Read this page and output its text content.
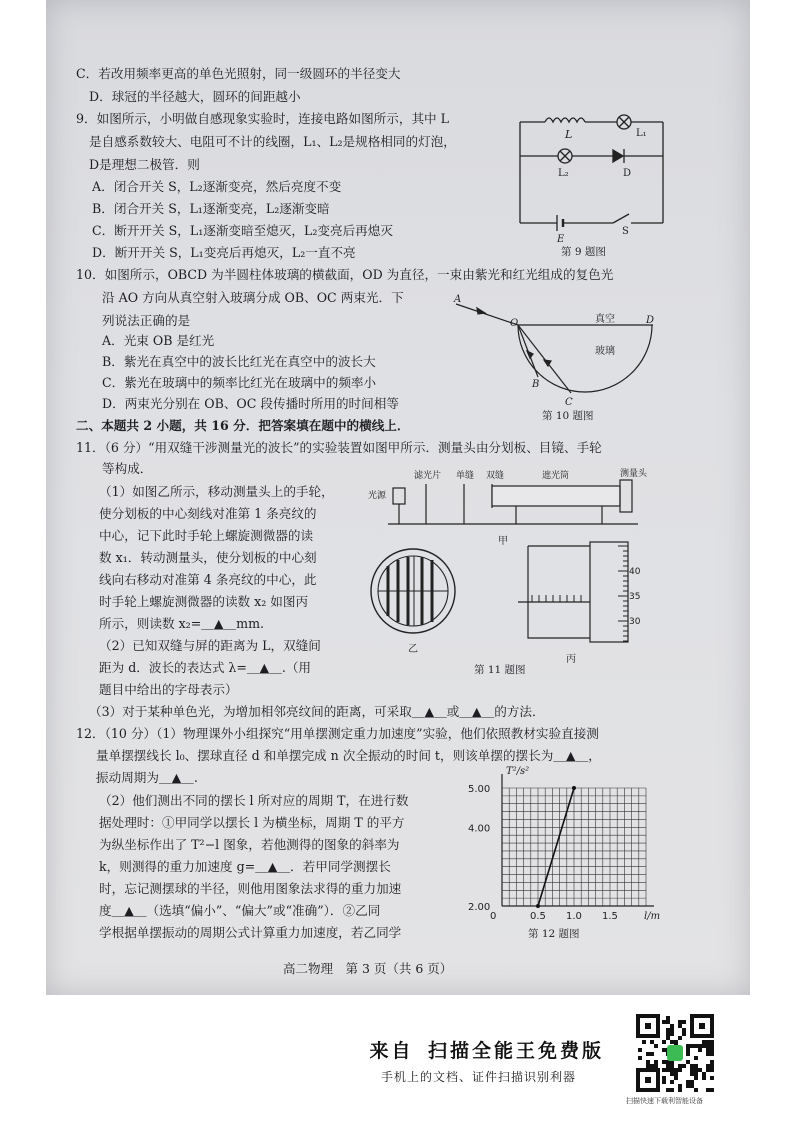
C．若改用频率更高的单色光照射，同一级圆环的半径变大
D．球冠的半径越大，圆环的间距越小
9．如图所示，小明做自感现象实验时，连接电路如图所示，其中 L
是自感系数较大、电阻可不计的线圈，L₁、L₂是规格相同的灯泡，
D是理想二极管．则
A．闭合开关 S，L₂逐渐变亮，然后亮度不变
B．闭合开关 S，L₁逐渐变亮，L₂逐渐变暗
C．断开开关 S，L₁逐渐变暗至熄灭，L₂变亮后再熄灭
D．断开开关 S，L₁变亮后再熄灭，L₂一直不亮
L	L₁
L₂	D
E
S
第 9 题图
10．如图所示，OBCD 为半圆柱体玻璃的横截面，OD 为直径，一束由紫光和红光组成的复色光
沿 AO 方向从真空射入玻璃分成 OB、OC 两束光．下
列说法正确的是
A．光束 OB 是红光
B．紫光在真空中的波长比红光在真空中的波长大
C．紫光在玻璃中的频率比红光在玻璃中的频率小
D．两束光分别在 OB、OC 段传播时所用的时间相等
A
O	D
B
C
真空
玻璃
第 10 题图
二、本题共 2 小题，共 16 分．把答案填在题中的横线上．
11．（6 分）“用双缝干涉测量光的波长”的实验装置如图甲所示．测量头由分划板、目镜、手轮
等构成．
（1）如图乙所示，移动测量头上的手轮，
使分划板的中心刻线对准第 1 条亮纹的
中心，记下此时手轮上螺旋测微器的读
数 x₁．转动测量头，使分划板的中心刻
线向右移动对准第 4 条亮纹的中心，此
时手轮上螺旋测微器的读数 x₂ 如图丙
所示，则读数 x₂=＿▲＿mm.
（2）已知双缝与屏的距离为 L，双缝间
距为 d．波长的表达式 λ=＿▲＿.（用
题目中给出的字母表示）
（3）对于某种单色光，为增加相邻亮纹间的距离，可采取＿▲＿或＿▲＿的方法．
滤光片 单缝 双缝	遮光筒	测量头
光源
甲
乙
40
35
30
丙
第 11 题图
12．（10 分）（1）物理课外小组探究“用单摆测定重力加速度”实验，他们依照教材实验直接测
量单摆摆线长 l₀、摆球直径 d 和单摆完成 n 次全振动的时间 t，则该单摆的摆长为＿▲＿，
振动周期为＿▲＿.
（2）他们测出不同的摆长 l 所对应的周期 T，在进行数
据处理时：①甲同学以摆长 l 为横坐标，周期 T 的平方
为纵坐标作出了 T²−l 图象，若他测得的图象的斜率为
k，则测得的重力加速度 g=＿▲＿．若甲同学测摆长
时，忘记测摆球的半径，则他用图象法求得的重力加速
度＿▲＿（选填“偏小”、“偏大”或“准确”）．②乙同
学根据单摆振动的周期公式计算重力加速度，若乙同学
2.00
4.00
5.00
0	0.5 1.0 1.5
T²/s²
l/m
第 12 题图
高二物理　第 3 页（共 6 页）
来自 扫描全能王免费版
手机上的文档、证件扫描识别利器
扫描快速下载利智能设备
